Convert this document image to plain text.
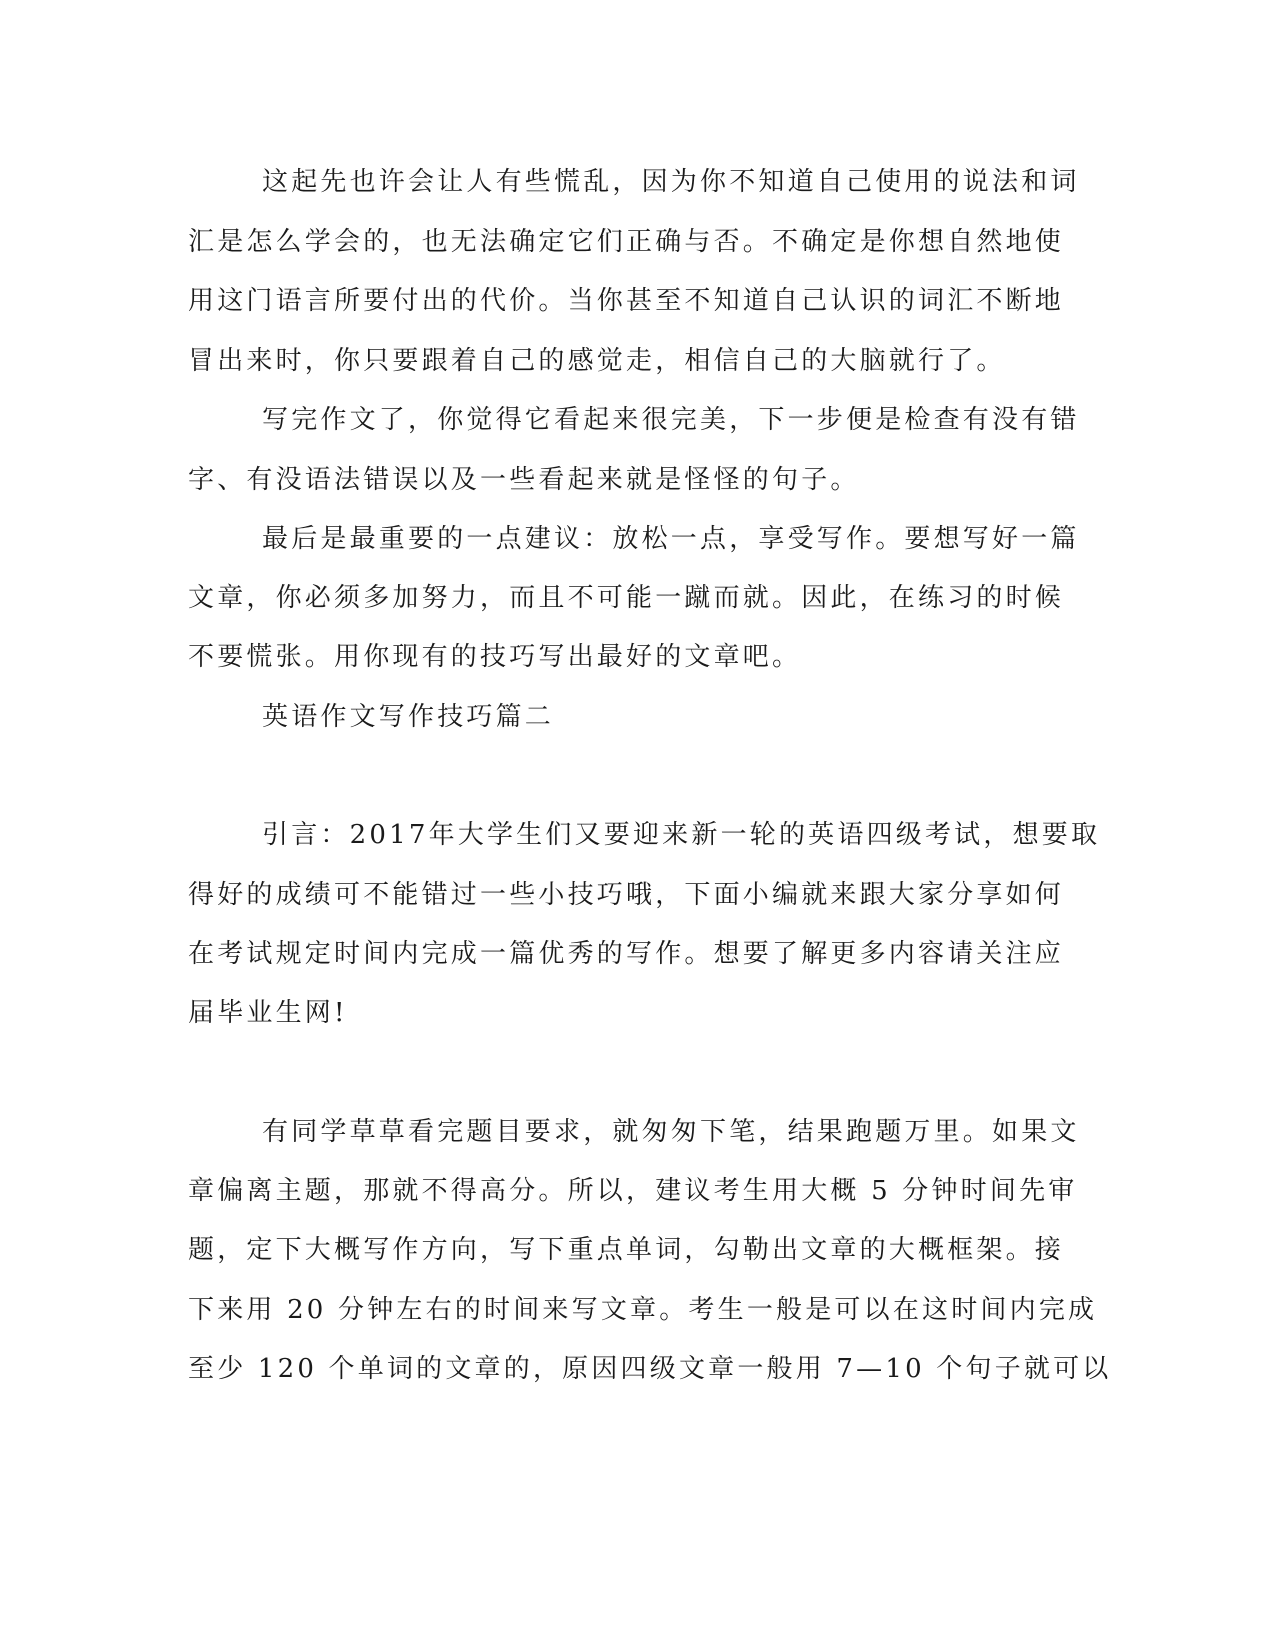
这起先也许会让人有些慌乱，因为你不知道自己使用的说法和词

汇是怎么学会的，也无法确定它们正确与否。不确定是你想自然地使

用这门语言所要付出的代价。当你甚至不知道自己认识的词汇不断地

冒出来时，你只要跟着自己的感觉走，相信自己的大脑就行了。

写完作文了，你觉得它看起来很完美，下一步便是检查有没有错

字、有没语法错误以及一些看起来就是怪怪的句子。

最后是最重要的一点建议：放松一点，享受写作。要想写好一篇

文章，你必须多加努力，而且不可能一蹴而就。因此，在练习的时候

不要慌张。用你现有的技巧写出最好的文章吧。

英语作文写作技巧篇二

引言：2017年大学生们又要迎来新一轮的英语四级考试，想要取

得好的成绩可不能错过一些小技巧哦，下面小编就来跟大家分享如何

在考试规定时间内完成一篇优秀的写作。想要了解更多内容请关注应

届毕业生网!

有同学草草看完题目要求，就匆匆下笔，结果跑题万里。如果文

章偏离主题，那就不得高分。所以，建议考生用大概 5 分钟时间先审

题，定下大概写作方向，写下重点单词，勾勒出文章的大概框架。接

下来用 20 分钟左右的时间来写文章。考生一般是可以在这时间内完成

至少 120 个单词的文章的，原因四级文章一般用 7—10 个句子就可以
